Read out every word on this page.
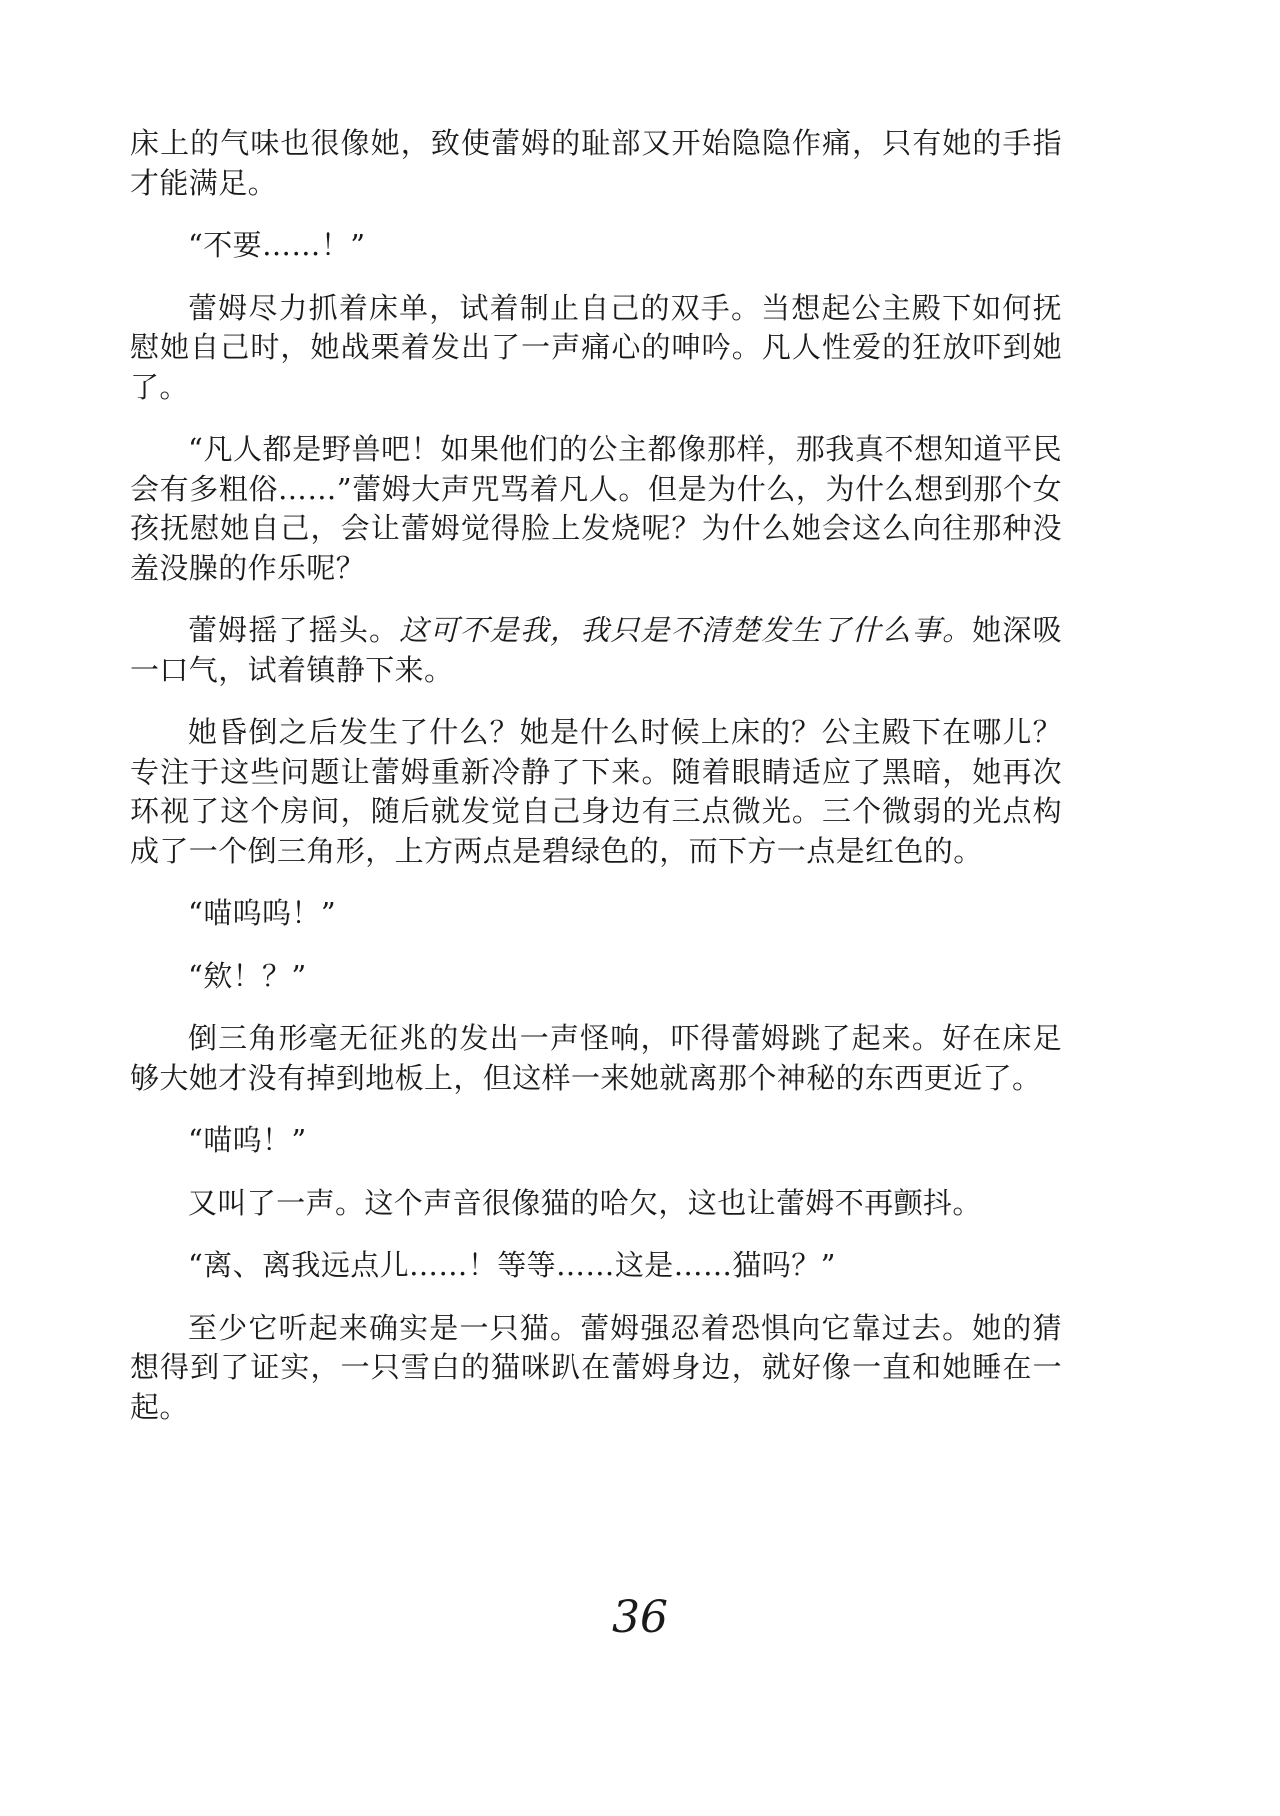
床上的气味也很像她，致使蕾姆的耻部又开始隐隐作痛，只有她的手指才能满足。

“不要……！”

蕾姆尽力抓着床单，试着制止自己的双手。当想起公主殿下如何抚慰她自己时，她战栗着发出了一声痛心的呻吟。凡人性爱的狂放吓到她了。

“凡人都是野兽吧！如果他们的公主都像那样，那我真不想知道平民会有多粗俗……”蕾姆大声咒骂着凡人。但是为什么，为什么想到那个女孩抚慰她自己，会让蕾姆觉得脸上发烧呢？为什么她会这么向往那种没羞没臊的作乐呢？

蕾姆摇了摇头。这可不是我，我只是不清楚发生了什么事。她深吸一口气，试着镇静下来。

她昏倒之后发生了什么？她是什么时候上床的？公主殿下在哪儿？专注于这些问题让蕾姆重新冷静了下来。随着眼睛适应了黑暗，她再次环视了这个房间，随后就发觉自己身边有三点微光。三个微弱的光点构成了一个倒三角形，上方两点是碧绿色的，而下方一点是红色的。

“喵呜呜！”

“欸！？”

倒三角形毫无征兆的发出一声怪响，吓得蕾姆跳了起来。好在床足够大她才没有掉到地板上，但这样一来她就离那个神秘的东西更近了。

“喵呜！”

又叫了一声。这个声音很像猫的哈欠，这也让蕾姆不再颤抖。

“离、离我远点儿……！等等……这是……猫吗？”

至少它听起来确实是一只猫。蕾姆强忍着恐惧向它靠过去。她的猜想得到了证实，一只雪白的猫咪趴在蕾姆身边，就好像一直和她睡在一起。

36
